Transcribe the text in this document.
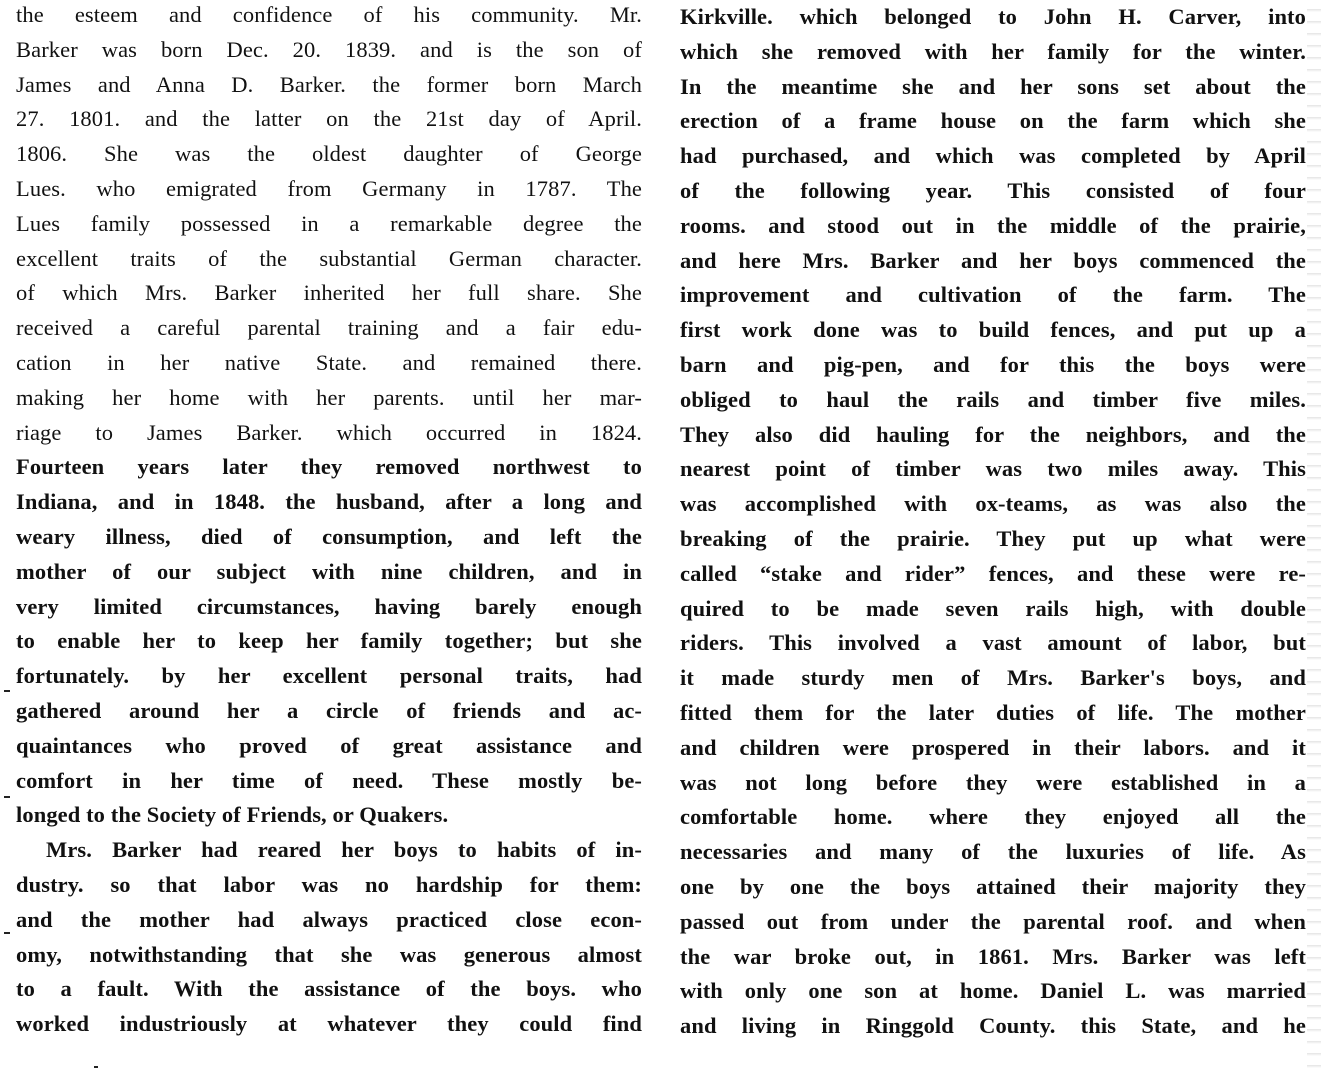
the esteem and confidence of his community. Mr.
Barker was born Dec. 20. 1839. and is the son of
James and Anna D. Barker. the former born March
27. 1801. and the latter on the 21st day of April.
1806. She was the oldest daughter of George
Lues. who emigrated from Germany in 1787. The
Lues family possessed in a remarkable degree the
excellent traits of the substantial German character.
of which Mrs. Barker inherited her full share. She
received a careful parental training and a fair edu-
cation in her native State. and remained there.
making her home with her parents. until her mar-
riage to James Barker. which occurred in 1824.
Fourteen years later they removed northwest to
Indiana, and in 1848. the husband, after a long and
weary illness, died of consumption, and left the
mother of our subject with nine children, and in
very limited circumstances, having barely enough
to enable her to keep her family together; but she
fortunately. by her excellent personal traits, had
gathered around her a circle of friends and ac-
quaintances who proved of great assistance and
comfort in her time of need. These mostly be-
longed to the Society of Friends, or Quakers.
Mrs. Barker had reared her boys to habits of in-
dustry. so that labor was no hardship for them:
and the mother had always practiced close econ-
omy, notwithstanding that she was generous almost
to a fault. With the assistance of the boys. who
worked industriously at whatever they could find
Kirkville. which belonged to John H. Carver, into
which she removed with her family for the winter.
In the meantime she and her sons set about the
erection of a frame house on the farm which she
had purchased, and which was completed by April
of the following year. This consisted of four
rooms. and stood out in the middle of the prairie,
and here Mrs. Barker and her boys commenced the
improvement and cultivation of the farm. The
first work done was to build fences, and put up a
barn and pig-pen, and for this the boys were
obliged to haul the rails and timber five miles.
They also did hauling for the neighbors, and the
nearest point of timber was two miles away. This
was accomplished with ox-teams, as was also the
breaking of the prairie. They put up what were
called “stake and rider” fences, and these were re-
quired to be made seven rails high, with double
riders. This involved a vast amount of labor, but
it made sturdy men of Mrs. Barker's boys, and
fitted them for the later duties of life. The mother
and children were prospered in their labors. and it
was not long before they were established in a
comfortable home. where they enjoyed all the
necessaries and many of the luxuries of life. As
one by one the boys attained their majority they
passed out from under the parental roof. and when
the war broke out, in 1861. Mrs. Barker was left
with only one son at home. Daniel L. was married
and living in Ringgold County. this State, and he
